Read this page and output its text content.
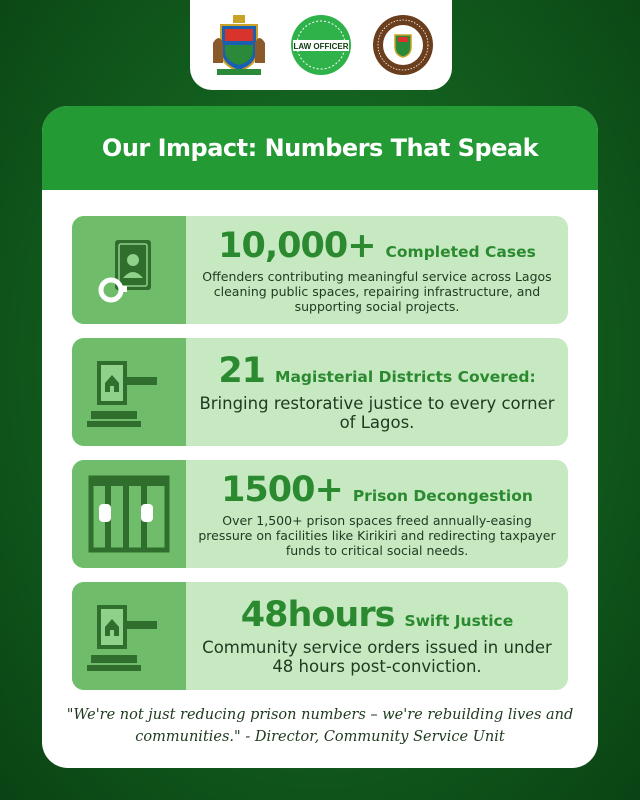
LAW OFFICER
Our Impact: Numbers That Speak
10,000+ Completed Cases
Offenders contributing meaningful service across Lagos cleaning public spaces, repairing infrastructure, and supporting social projects.
21 Magisterial Districts Covered:
Bringing restorative justice to every corner of Lagos.
1500+ Prison Decongestion
Over 1,500+ prison spaces freed annually-easing pressure on facilities like Kirikiri and redirecting taxpayer funds to critical social needs.
48hours Swift Justice
Community service orders issued in under 48 hours post-conviction.
"We're not just reducing prison numbers – we're rebuilding lives and communities." - Director, Community Service Unit
